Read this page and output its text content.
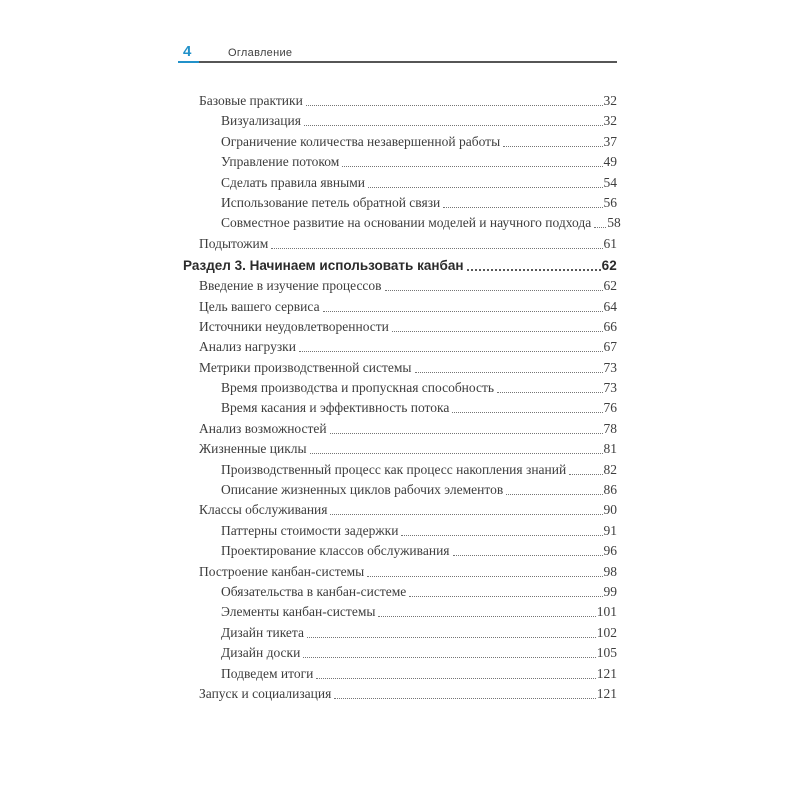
4	Оглавление
Базовые практики	32
Визуализация	32
Ограничение количества незавершенной работы	37
Управление потоком	49
Сделать правила явными	54
Использование петель обратной связи	56
Совместное развитие на основании моделей и научного подхода 58
Подытожим	61
Раздел 3. Начинаем использовать канбан	62
Введение в изучение процессов	62
Цель вашего сервиса	64
Источники неудовлетворенности	66
Анализ нагрузки	67
Метрики производственной системы	73
Время производства и пропускная способность	73
Время касания и эффективность потока	76
Анализ возможностей	78
Жизненные циклы	81
Производственный процесс как процесс накопления знаний	82
Описание жизненных циклов рабочих элементов	86
Классы обслуживания	90
Паттерны стоимости задержки	91
Проектирование классов обслуживания	96
Построение канбан-системы	98
Обязательства в канбан-системе	99
Элементы канбан-системы	101
Дизайн тикета	102
Дизайн доски	105
Подведем итоги	121
Запуск и социализация	121
